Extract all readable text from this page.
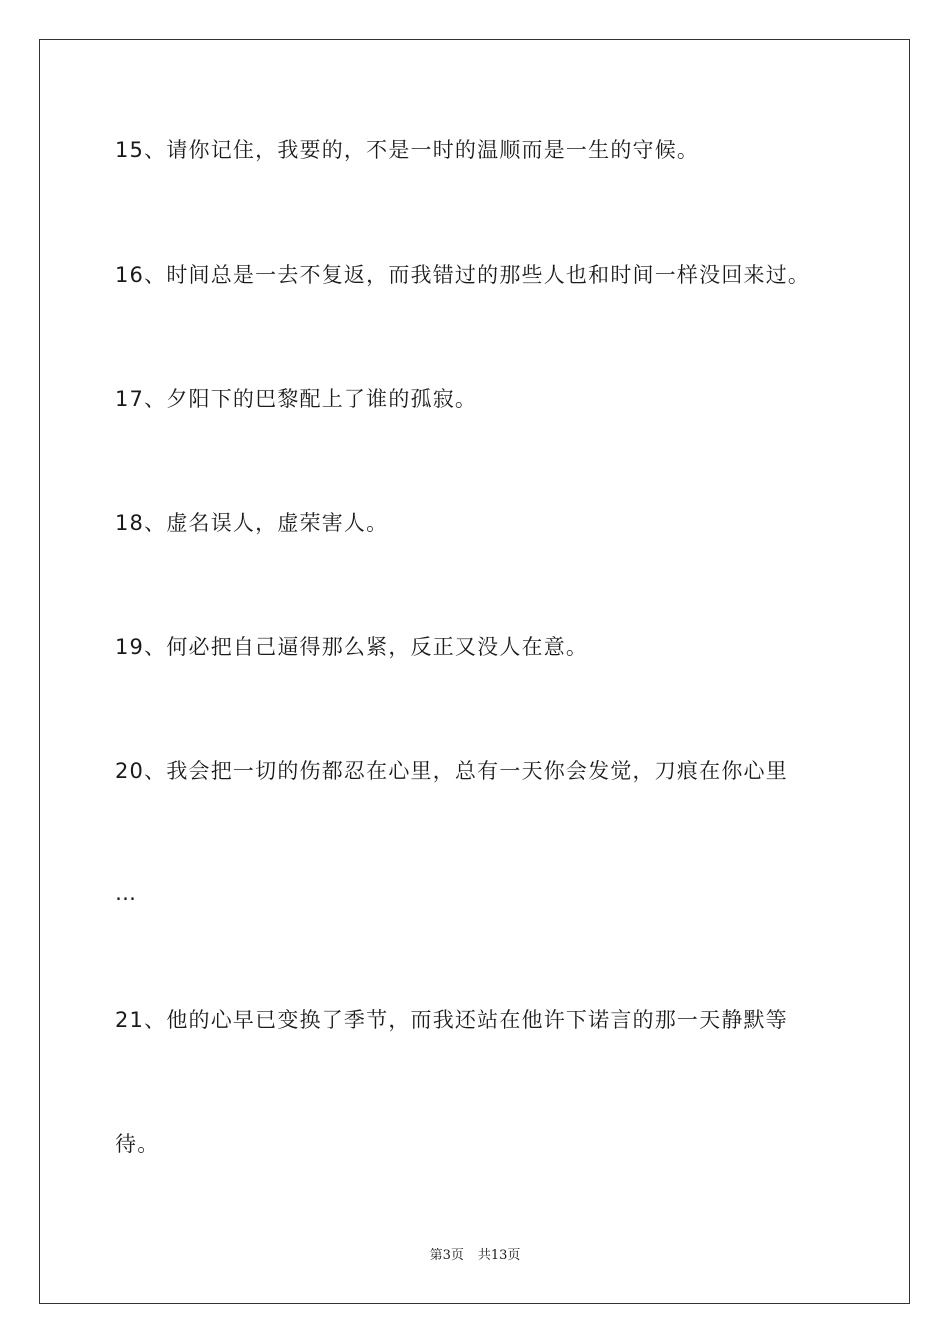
15、请你记住，我要的，不是一时的温顺而是一生的守候。
16、时间总是一去不复返，而我错过的那些人也和时间一样没回来过。
17、夕阳下的巴黎配上了谁的孤寂。
18、虚名误人，虚荣害人。
19、何必把自己逼得那么紧，反正又没人在意。
20、我会把一切的伤都忍在心里，总有一天你会发觉，刀痕在你心里
…
21、他的心早已变换了季节，而我还站在他许下诺言的那一天静默等
待。
第3页 共13页
